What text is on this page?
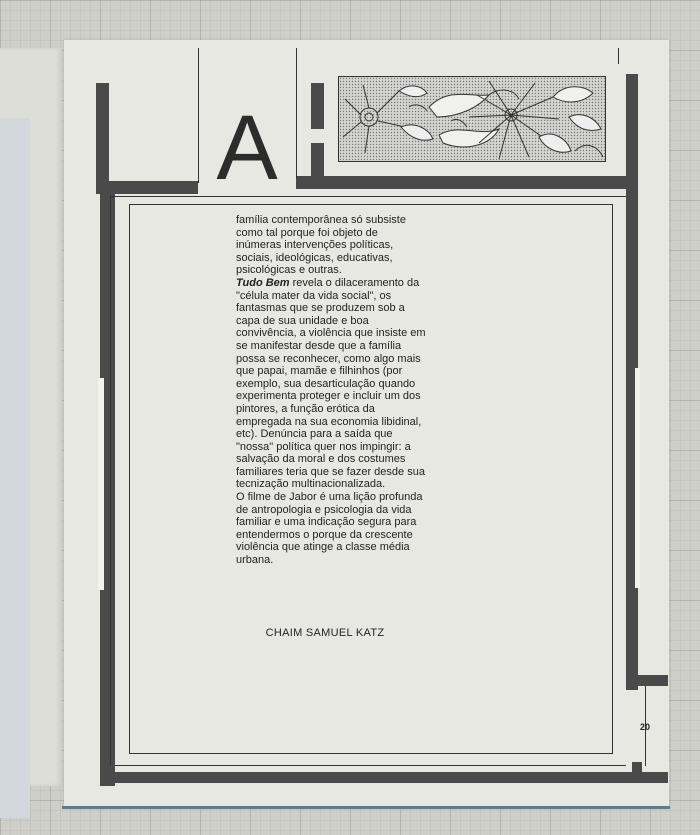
A

família contemporânea só subsiste como tal porque foi objeto de inúmeras intervenções políticas, sociais, ideológicas, educativas, psicológicas e outras.

Tudo Bem revela o dilaceramento da "célula mater da vida social", os fantasmas que se produzem sob a capa de sua unidade e boa convivência, a violência que insiste em se manifestar desde que a família possa se reconhecer, como algo mais que papai, mamãe e filhinhos (por exemplo, sua desarticulação quando experimenta proteger e incluir um dos pintores, a função erótica da empregada na sua economia libidinal, etc). Denúncia para a saída que "nossa" política quer nos impingir: a salvação da moral e dos costumes familiares teria que se fazer desde sua tecnização multinacionalizada.

O filme de Jabor é uma lição profunda de antropologia e psicologia da vida familiar e uma indicação segura para entendermos o porque da crescente violência que atinge a classe média urbana.

CHAIM SAMUEL KATZ
20
